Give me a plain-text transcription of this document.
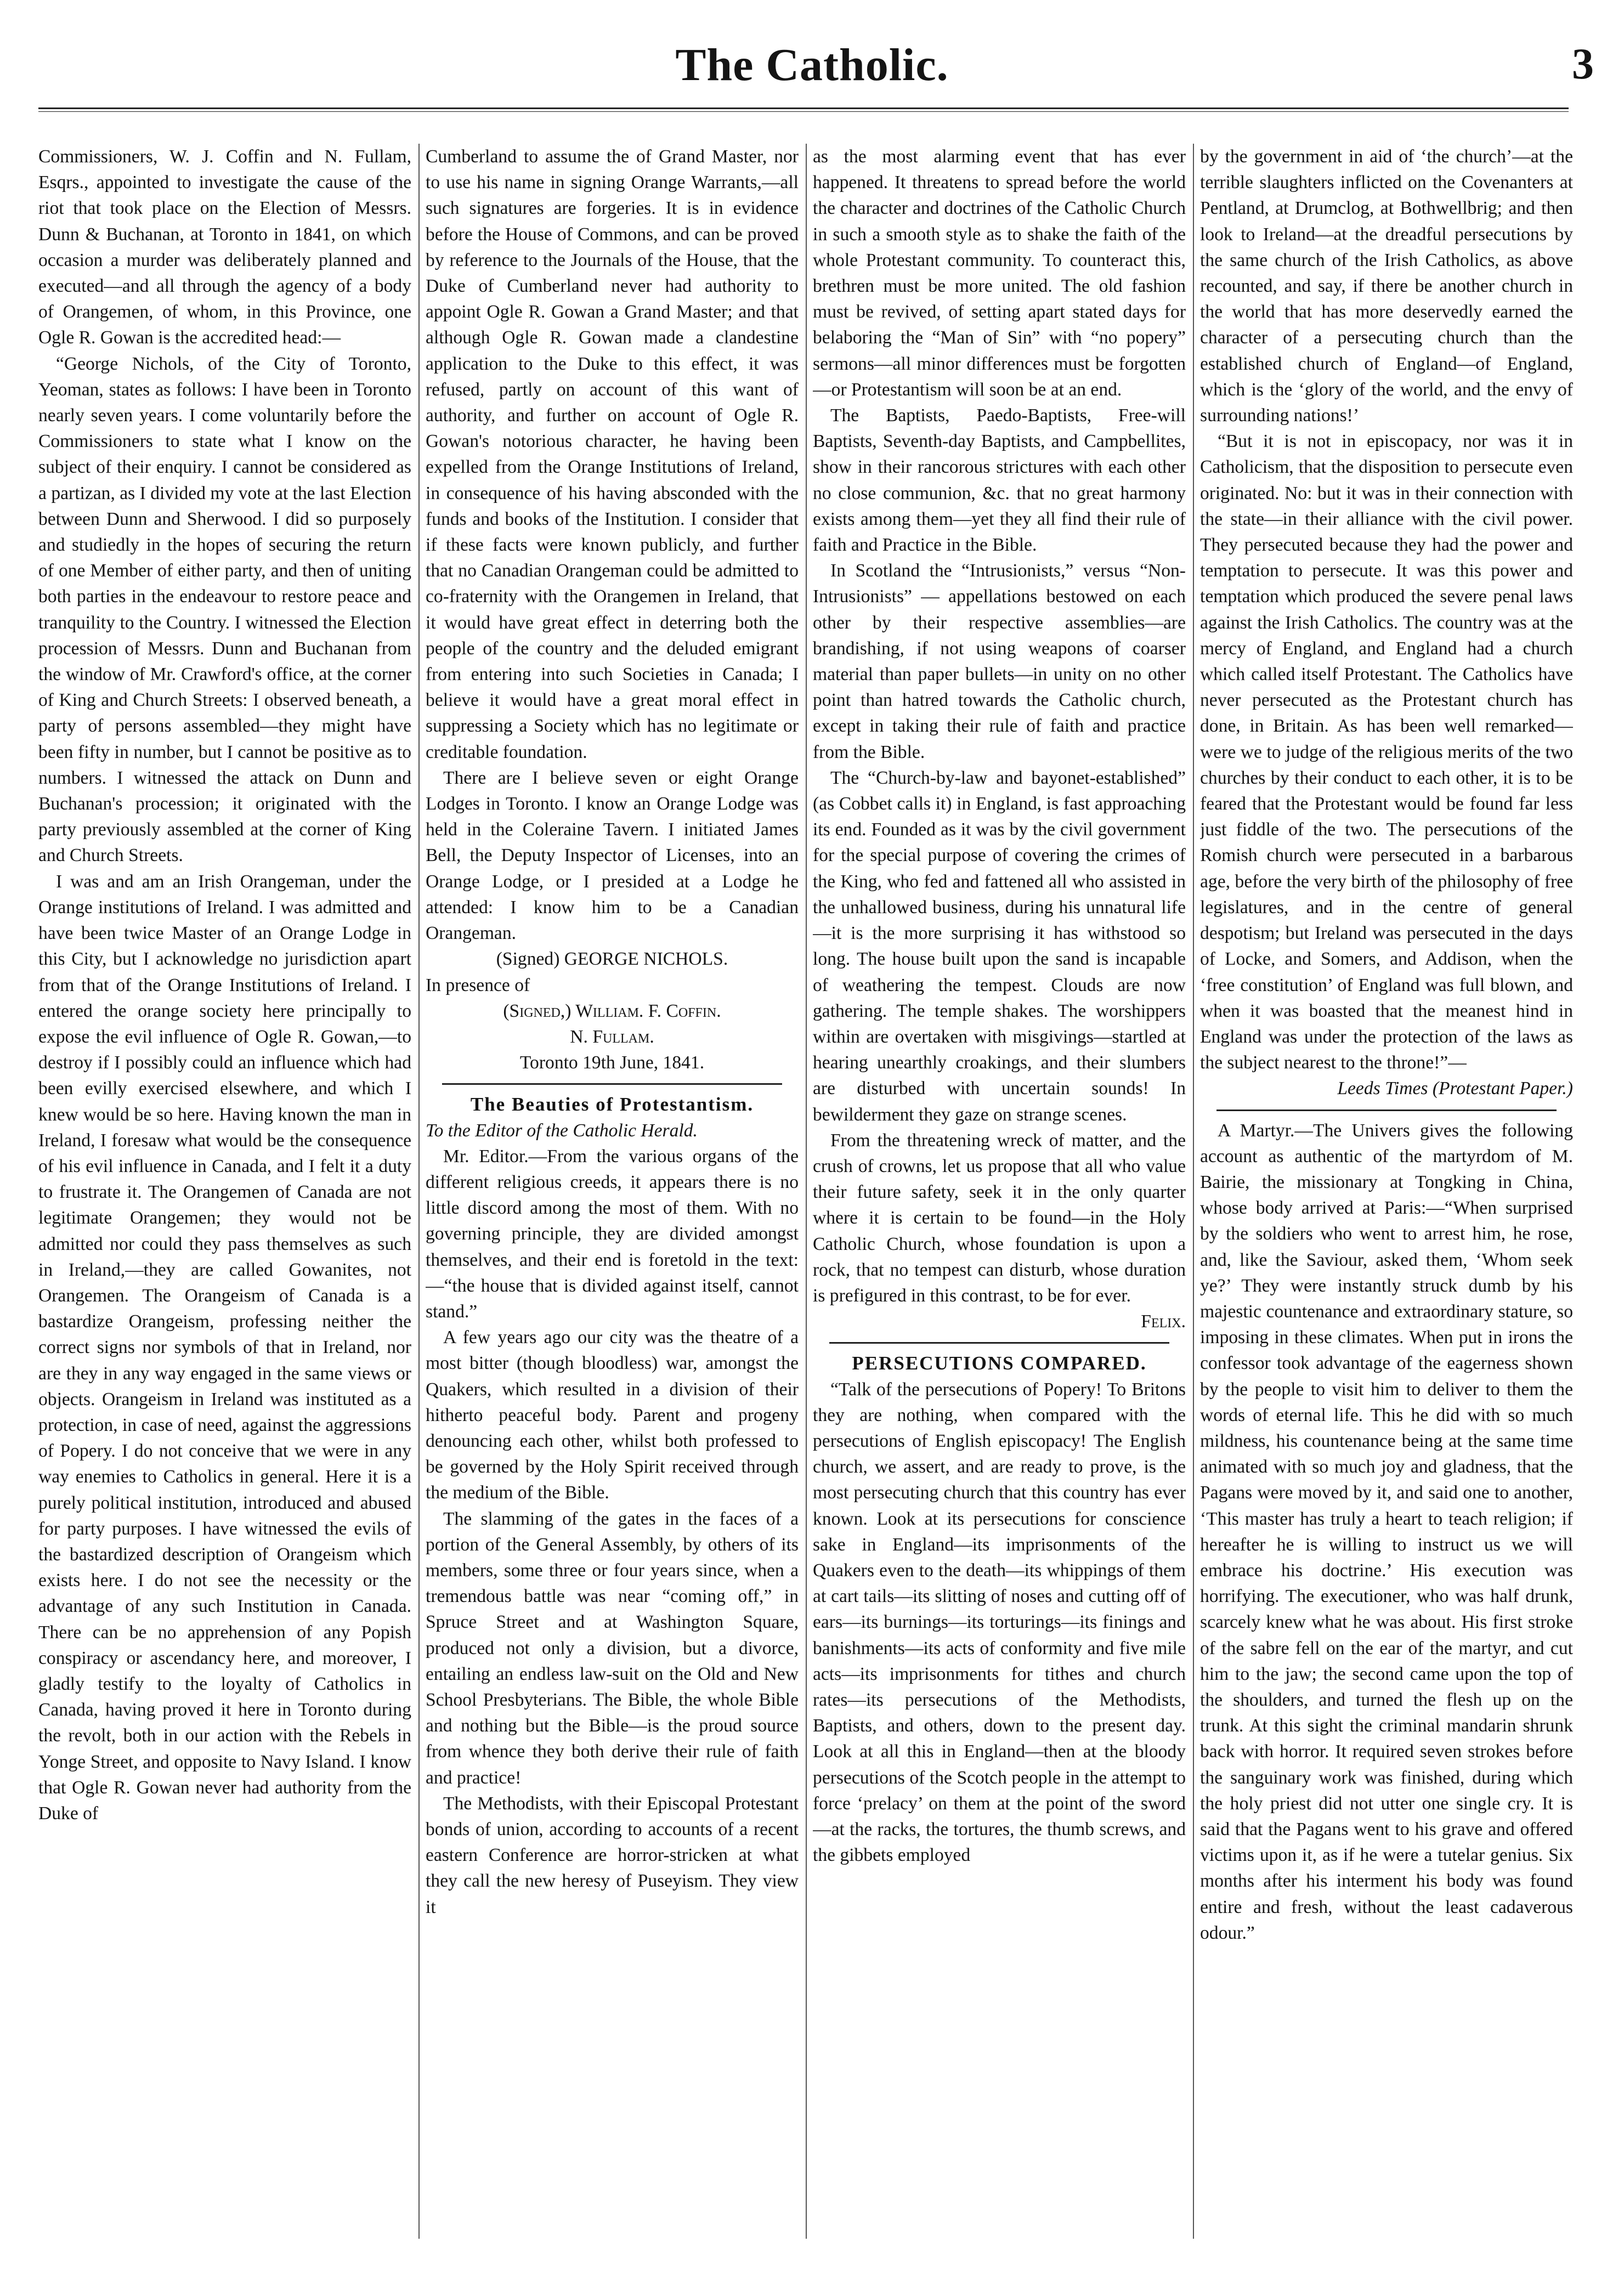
The Catholic.	3

Commissioners, W. J. Coffin and N. Fullam, Esqrs., appointed to investigate the cause of the riot that took place on the Election of Messrs. Dunn & Buchanan, at Toronto in 1841, on which occasion a murder was deliberately planned and executed—and all through the agency of a body of Orangemen, of whom, in this Province, one Ogle R. Gowan is the accredited head:—

“George Nichols, of the City of Toronto, Yeoman, states as follows: I have been in Toronto nearly seven years. I come voluntarily before the Commissioners to state what I know on the subject of their enquiry. I cannot be considered as a partizan, as I divided my vote at the last Election between Dunn and Sherwood. I did so purposely and studiedly in the hopes of securing the return of one Member of either party, and then of uniting both parties in the endeavour to restore peace and tranquility to the Country. I witnessed the Election procession of Messrs. Dunn and Buchanan from the window of Mr. Crawford's office, at the corner of King and Church Streets: I observed beneath, a party of persons assembled—they might have been fifty in number, but I cannot be positive as to numbers. I witnessed the attack on Dunn and Buchanan's procession; it originated with the party previously assembled at the corner of King and Church Streets.

I was and am an Irish Orangeman, under the Orange institutions of Ireland. I was admitted and have been twice Master of an Orange Lodge in this City, but I acknowledge no jurisdiction apart from that of the Orange Institutions of Ireland. I entered the orange society here principally to expose the evil influence of Ogle R. Gowan,—to destroy if I possibly could an influence which had been evilly exercised elsewhere, and which I knew would be so here. Having known the man in Ireland, I foresaw what would be the consequence of his evil influence in Canada, and I felt it a duty to frustrate it. The Orangemen of Canada are not legitimate Orangemen; they would not be admitted nor could they pass themselves as such in Ireland,—they are called Gowanites, not Orangemen. The Orangeism of Canada is a bastardize Orangeism, professing neither the correct signs nor symbols of that in Ireland, nor are they in any way engaged in the same views or objects. Orangeism in Ireland was instituted as a protection, in case of need, against the aggressions of Popery. I do not conceive that we were in any way enemies to Catholics in general. Here it is a purely political institution, introduced and abused for party purposes. I have witnessed the evils of the bastardized description of Orangeism which exists here. I do not see the necessity or the advantage of any such Institution in Canada. There can be no apprehension of any Popish conspiracy or ascendancy here, and moreover, I gladly testify to the loyalty of Catholics in Canada, having proved it here in Toronto during the revolt, both in our action with the Rebels in Yonge Street, and opposite to Navy Island. I know that Ogle R. Gowan never had authority from the Duke of

Cumberland to assume the of Grand Master, nor to use his name in signing Orange Warrants,—all such signatures are forgeries. It is in evidence before the House of Commons, and can be proved by reference to the Journals of the House, that the Duke of Cumberland never had authority to appoint Ogle R. Gowan a Grand Master; and that although Ogle R. Gowan made a clandestine application to the Duke to this effect, it was refused, partly on account of this want of authority, and further on account of Ogle R. Gowan's notorious character, he having been expelled from the Orange Institutions of Ireland, in consequence of his having absconded with the funds and books of the Institution. I consider that if these facts were known publicly, and further that no Canadian Orangeman could be admitted to co-fraternity with the Orangemen in Ireland, that it would have great effect in deterring both the people of the country and the deluded emigrant from entering into such Societies in Canada; I believe it would have a great moral effect in suppressing a Society which has no legitimate or creditable foundation.

There are I believe seven or eight Orange Lodges in Toronto. I know an Orange Lodge was held in the Coleraine Tavern. I initiated James Bell, the Deputy Inspector of Licenses, into an Orange Lodge, or I presided at a Lodge he attended: I know him to be a Canadian Orangeman.

(Signed) GEORGE NICHOLS.

In presence of

(Signed,) William. F. Coffin.

N. Fullam.

Toronto 19th June, 1841.

The Beauties of Protestantism.

To the Editor of the Catholic Herald.

Mr. Editor.—From the various organs of the different religious creeds, it appears there is no little discord among the most of them. With no governing principle, they are divided amongst themselves, and their end is foretold in the text:—“the house that is divided against itself, cannot stand.”

A few years ago our city was the theatre of a most bitter (though bloodless) war, amongst the Quakers, which resulted in a division of their hitherto peaceful body. Parent and progeny denouncing each other, whilst both professed to be governed by the Holy Spirit received through the medium of the Bible.

The slamming of the gates in the faces of a portion of the General Assembly, by others of its members, some three or four years since, when a tremendous battle was near “coming off,” in Spruce Street and at Washington Square, produced not only a division, but a divorce, entailing an endless law-suit on the Old and New School Presbyterians. The Bible, the whole Bible and nothing but the Bible—is the proud source from whence they both derive their rule of faith and practice!

The Methodists, with their Episcopal Protestant bonds of union, according to accounts of a recent eastern Conference are horror-stricken at what they call the new heresy of Puseyism. They view it

as the most alarming event that has ever happened. It threatens to spread before the world the character and doctrines of the Catholic Church in such a smooth style as to shake the faith of the whole Protestant community. To counteract this, brethren must be more united. The old fashion must be revived, of setting apart stated days for belaboring the “Man of Sin” with “no popery” sermons—all minor differences must be forgotten—or Protestantism will soon be at an end.

The Baptists, Paedo-Baptists, Free-will Baptists, Seventh-day Baptists, and Campbellites, show in their rancorous strictures with each other no close communion, &c. that no great harmony exists among them—yet they all find their rule of faith and Practice in the Bible.

In Scotland the “Intrusionists,” versus “Non-Intrusionists” — appellations bestowed on each other by their respective assemblies—are brandishing, if not using weapons of coarser material than paper bullets—in unity on no other point than hatred towards the Catholic church, except in taking their rule of faith and practice from the Bible.

The “Church-by-law and bayonet-established” (as Cobbet calls it) in England, is fast approaching its end. Founded as it was by the civil government for the special purpose of covering the crimes of the King, who fed and fattened all who assisted in the unhallowed business, during his unnatural life—it is the more surprising it has withstood so long. The house built upon the sand is incapable of weathering the tempest. Clouds are now gathering. The temple shakes. The worshippers within are overtaken with misgivings—startled at hearing unearthly croakings, and their slumbers are disturbed with uncertain sounds! In bewilderment they gaze on strange scenes.

From the threatening wreck of matter, and the crush of crowns, let us propose that all who value their future safety, seek it in the only quarter where it is certain to be found—in the Holy Catholic Church, whose foundation is upon a rock, that no tempest can disturb, whose duration is prefigured in this contrast, to be for ever.

Felix.

PERSECUTIONS COMPARED.

“Talk of the persecutions of Popery! To Britons they are nothing, when compared with the persecutions of English episcopacy! The English church, we assert, and are ready to prove, is the most persecuting church that this country has ever known. Look at its persecutions for conscience sake in England—its imprisonments of the Quakers even to the death—its whippings of them at cart tails—its slitting of noses and cutting off of ears—its burnings—its torturings—its finings and banishments—its acts of conformity and five mile acts—its imprisonments for tithes and church rates—its persecutions of the Methodists, Baptists, and others, down to the present day. Look at all this in England—then at the bloody persecutions of the Scotch people in the attempt to force ‘prelacy’ on them at the point of the sword—at the racks, the tortures, the thumb screws, and the gibbets employed

by the government in aid of ‘the church’—at the terrible slaughters inflicted on the Covenanters at Pentland, at Drumclog, at Bothwellbrig; and then look to Ireland—at the dreadful persecutions by the same church of the Irish Catholics, as above recounted, and say, if there be another church in the world that has more deservedly earned the character of a persecuting church than the established church of England—of England, which is the ‘glory of the world, and the envy of surrounding nations!’

“But it is not in episcopacy, nor was it in Catholicism, that the disposition to persecute even originated. No: but it was in their connection with the state—in their alliance with the civil power. They persecuted because they had the power and temptation to persecute. It was this power and temptation which produced the severe penal laws against the Irish Catholics. The country was at the mercy of England, and England had a church which called itself Protestant. The Catholics have never persecuted as the Protestant church has done, in Britain. As has been well remarked—were we to judge of the religious merits of the two churches by their conduct to each other, it is to be feared that the Protestant would be found far less just fiddle of the two. The persecutions of the Romish church were persecuted in a barbarous age, before the very birth of the philosophy of free legislatures, and in the centre of general despotism; but Ireland was persecuted in the days of Locke, and Somers, and Addison, when the ‘free constitution’ of England was full blown, and when it was boasted that the meanest hind in England was under the protection of the laws as the subject nearest to the throne!”—

Leeds Times (Protestant Paper.)

A Martyr.—The Univers gives the following account as authentic of the martyrdom of M. Bairie, the missionary at Tongking in China, whose body arrived at Paris:—“When surprised by the soldiers who went to arrest him, he rose, and, like the Saviour, asked them, ‘Whom seek ye?’ They were instantly struck dumb by his majestic countenance and extraordinary stature, so imposing in these climates. When put in irons the confessor took advantage of the eagerness shown by the people to visit him to deliver to them the words of eternal life. This he did with so much mildness, his countenance being at the same time animated with so much joy and gladness, that the Pagans were moved by it, and said one to another, ‘This master has truly a heart to teach religion; if hereafter he is willing to instruct us we will embrace his doctrine.’ His execution was horrifying. The executioner, who was half drunk, scarcely knew what he was about. His first stroke of the sabre fell on the ear of the martyr, and cut him to the jaw; the second came upon the top of the shoulders, and turned the flesh up on the trunk. At this sight the criminal mandarin shrunk back with horror. It required seven strokes before the sanguinary work was finished, during which the holy priest did not utter one single cry. It is said that the Pagans went to his grave and offered victims upon it, as if he were a tutelar genius. Six months after his interment his body was found entire and fresh, without the least cadaverous odour.”
